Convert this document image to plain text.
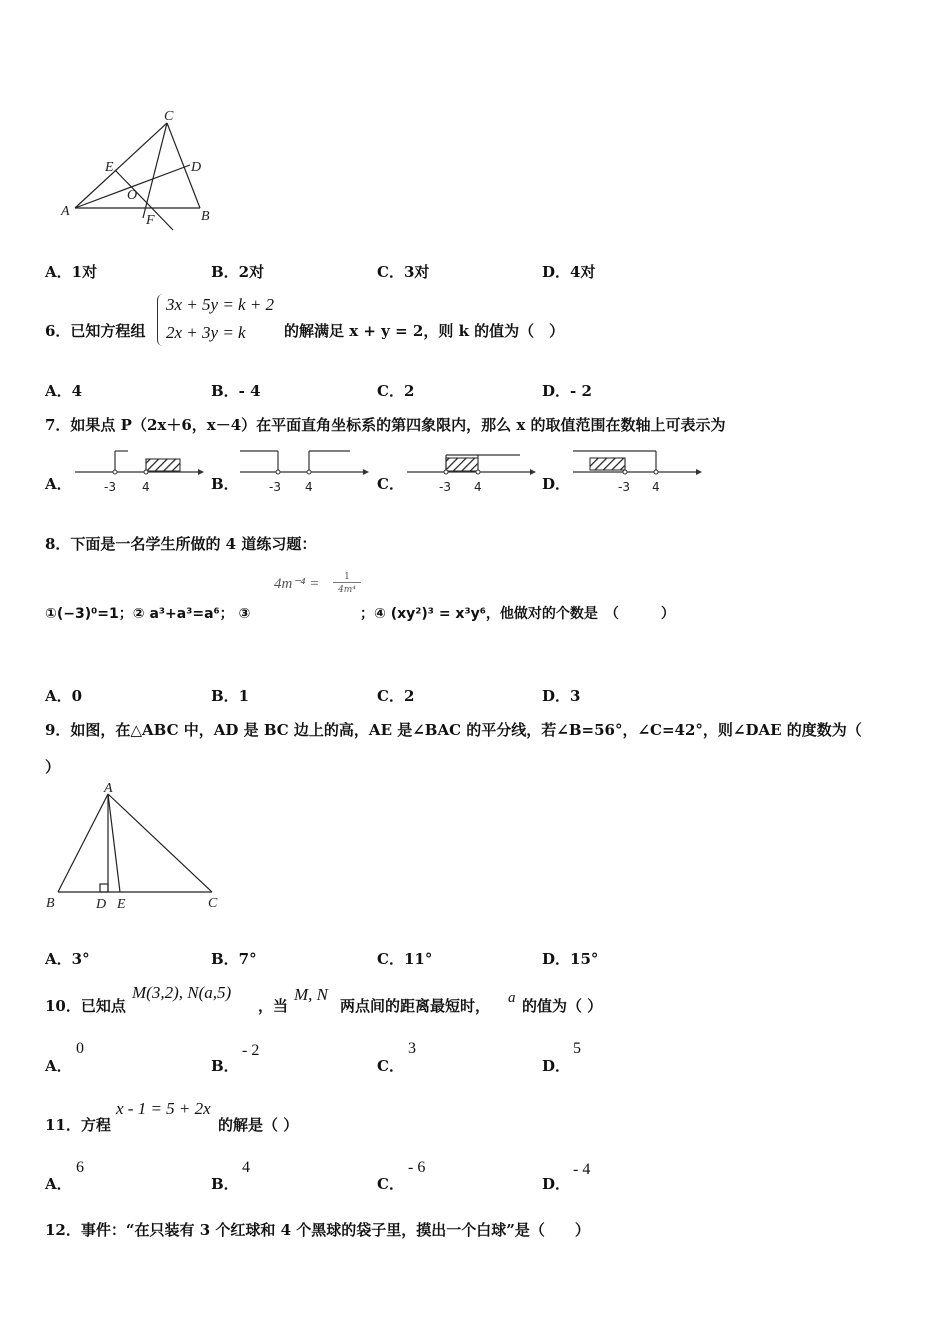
C
E	D
O
A
F	B
A．1对	B．2对	C．3对	D．4对
6．已知方程组
3x + 5y = k + 2
2x + 3y = k	的解满足 x + y = 2，则 k 的值为（　）
A．4	B．- 4	C．2	D．- 2
7．如果点 P（2x＋6，x－4）在平面直角坐标系的第四象限内，那么 x 的取值范围在数轴上可表示为
A．	-3 4	B．	-3 4	C．	-3 4	D．	-3 4
8．下面是一名学生所做的 4 道练习题：
4m⁻⁴ =	1
4m⁴
①(−3)⁰=1；② a³+a³=a⁶； ③	；④ (xy²)³ = x³y⁶，他做对的个数是　（　　　）
A．0	B．1	C．2	D．3
9．如图，在△ABC 中，AD 是 BC 边上的高，AE 是∠BAC 的平分线，若∠B=56°，∠C=42°，则∠DAE 的度数为（
）
A
B	D E	C
A．3°	B．7°	C．11°	D．15°
10．已知点
M(3,2), N(a,5)
，当
M, N
两点间的距离最短时， a 的值为（ ）
A．
0
B．
- 2
C．
3
D．
5
11．方程
x - 1 = 5 + 2x
的解是（ ）
A．
6
B．
4
C．
- 6
D．
- 4
12．事件：“在只装有 3 个红球和 4 个黑球的袋子里，摸出一个白球”是（　　）
